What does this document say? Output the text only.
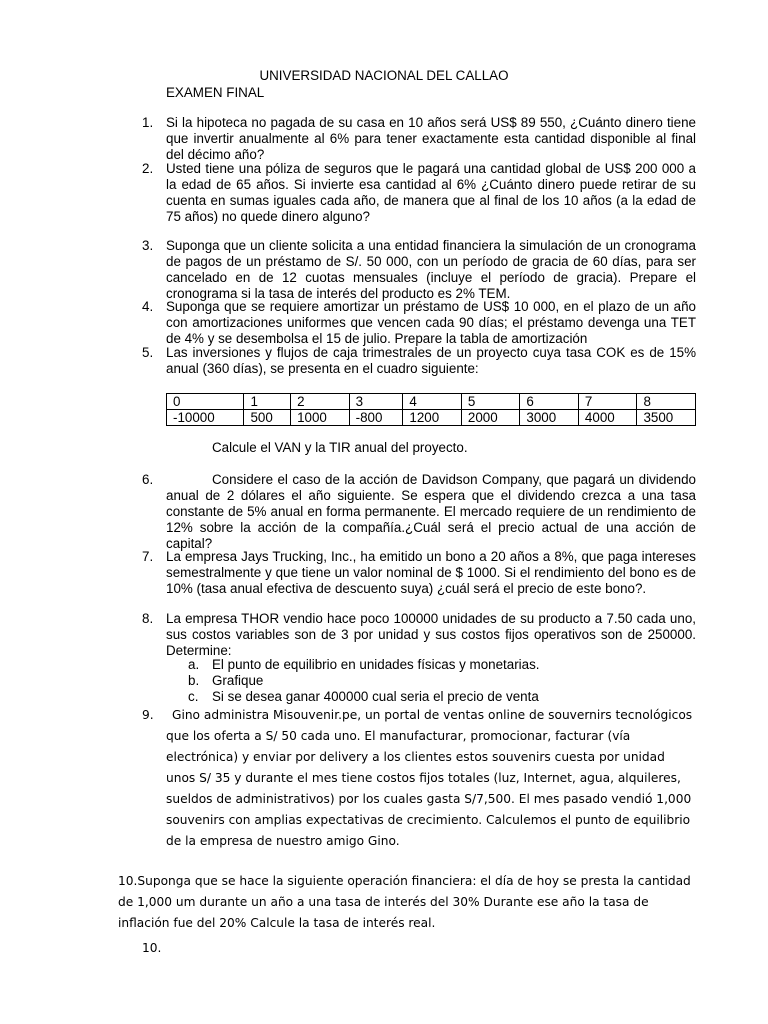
UNIVERSIDAD NACIONAL DEL CALLAO
EXAMEN FINAL
1. Si la hipoteca no pagada de su casa en 10 años será US$ 89 550, ¿Cuánto dinero tiene que invertir anualmente al 6% para tener exactamente esta cantidad disponible al final del décimo año?

2. Usted tiene una póliza de seguros que le pagará una cantidad global de US$ 200 000 a la edad de 65 años. Si invierte esa cantidad al 6% ¿Cuánto dinero puede retirar de su cuenta en sumas iguales cada año, de manera que al final de los 10 años (a la edad de 75 años) no quede dinero alguno?

3. Suponga que un cliente solicita a una entidad financiera la simulación de un cronograma de pagos de un préstamo de S/. 50 000, con un período de gracia de 60 días, para ser cancelado en de 12 cuotas mensuales (incluye el período de gracia). Prepare el cronograma si la tasa de interés del producto es 2% TEM.

4. Suponga que se requiere amortizar un préstamo de US$ 10 000, en el plazo de un año con amortizaciones uniformes que vencen cada 90 días; el préstamo devenga una TET de 4% y se desembolsa el 15 de julio. Prepare la tabla de amortización

5. Las inversiones y flujos de caja trimestrales de un proyecto cuya tasa COK es de 15% anual (360 días), se presenta en el cuadro siguiente:

0	1	2	3	4	5	6	7	8
-10000	500	1000	-800	1200	2000	3000	4000	3500
Calcule el VAN y la TIR anual del proyecto.
6.	Considere el caso de la acción de Davidson Company, que pagará un dividendo anual de 2 dólares el año siguiente. Se espera que el dividendo crezca a una tasa constante de 5% anual en forma permanente. El mercado requiere de un rendimiento de 12% sobre la acción de la compañía.¿Cuál será el precio actual de una acción de capital?

7. La empresa Jays Trucking, Inc., ha emitido un bono a 20 años a 8%, que paga intereses semestralmente y que tiene un valor nominal de $ 1000. Si el rendimiento del bono es de 10% (tasa anual efectiva de descuento suya) ¿cuál será el precio de este bono?.

8. La empresa THOR vendio hace poco 100000 unidades de su producto a 7.50 cada uno, sus costos variables son de 3 por unidad y sus costos fijos operativos son de 250000. Determine:

a. El punto de equilibrio en unidades físicas y monetarias.
b. Grafique
c. Si se desea ganar 400000 cual seria el precio de venta
9.	Gino administra Misouvenir.pe, un portal de ventas online de souvernirs tecnológicos que los oferta a S/ 50 cada uno. El manufacturar, promocionar, facturar (vía electrónica) y enviar por delivery a los clientes estos souvenirs cuesta por unidad unos S/ 35 y durante el mes tiene costos fijos totales (luz, Internet, agua, alquileres, sueldos de administrativos) por los cuales gasta S/7,500. El mes pasado vendió 1,000 souvenirs con amplias expectativas de crecimiento. Calculemos el punto de equilibrio de la empresa de nuestro amigo Gino.

10.Suponga que se hace la siguiente operación financiera: el día de hoy se presta la cantidad de 1,000 um durante un año a una tasa de interés del 30% Durante ese año la tasa de inflación fue del 20% Calcule la tasa de interés real.

10.
